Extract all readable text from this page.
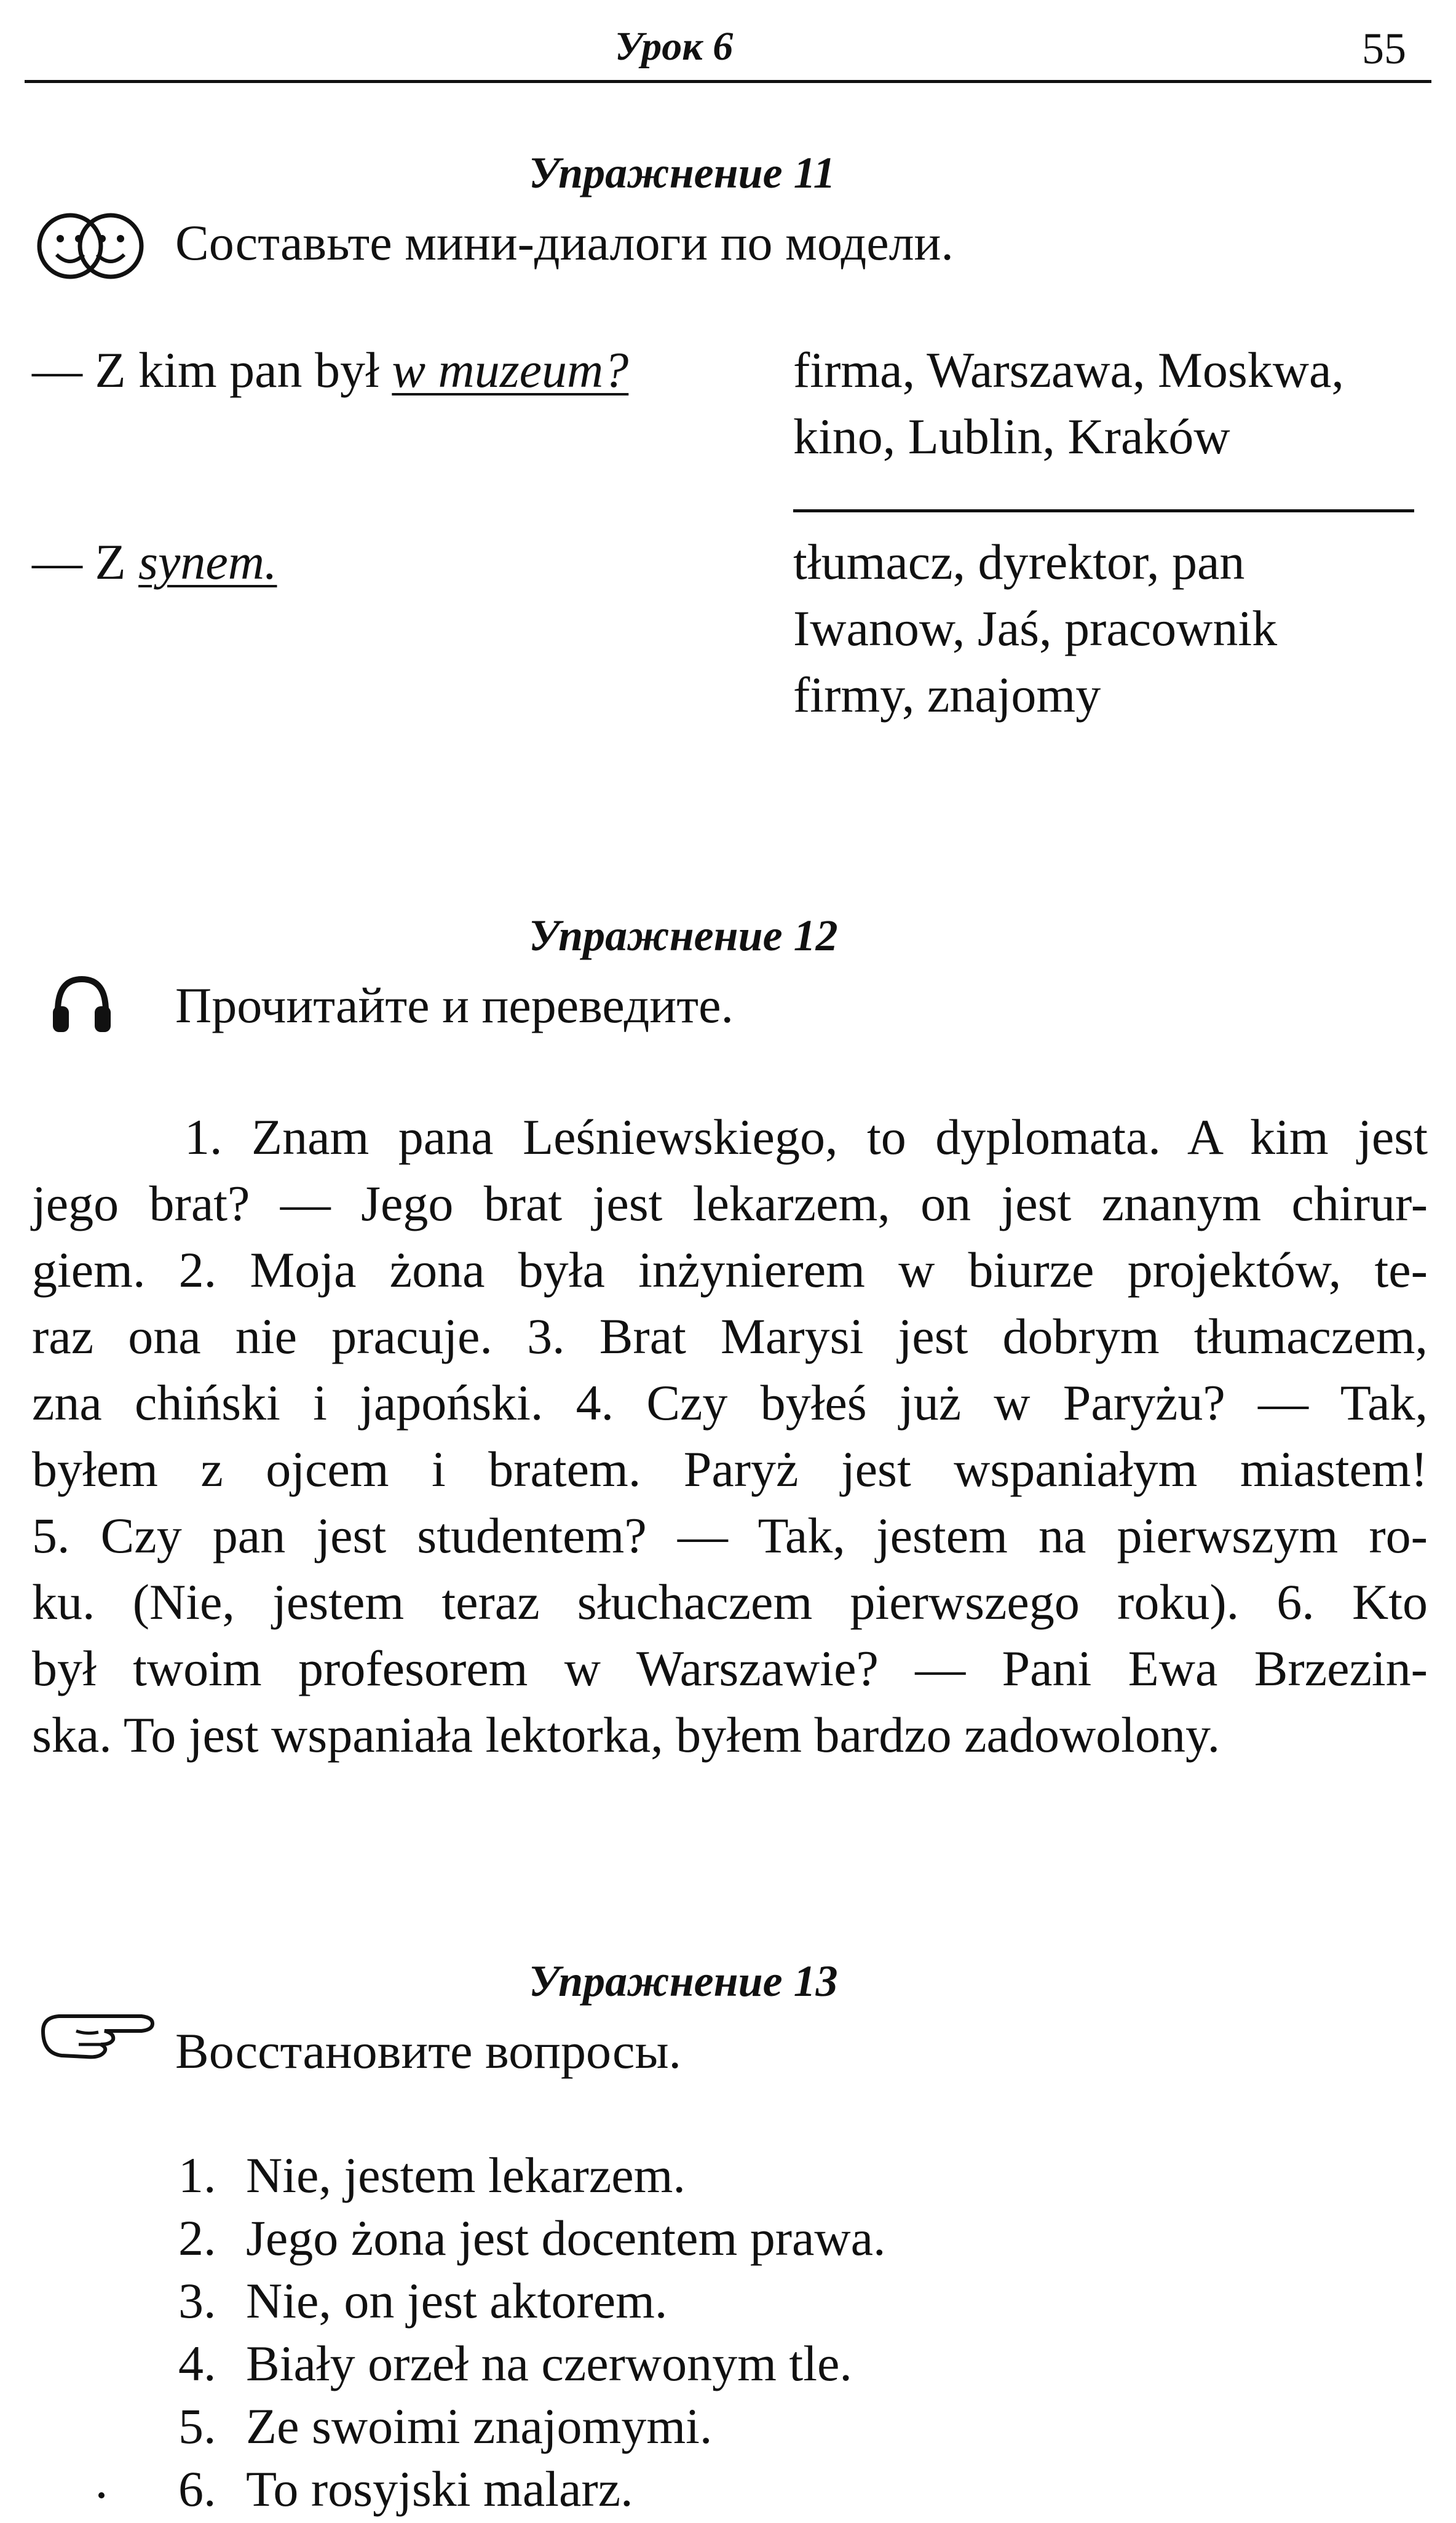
Урок 6	55
Упражнение 11
Составьте мини-диалоги по модели.
— Z kim pan był w muzeum?	firma, Warszawa, Moskwa,
kino, Lublin, Kraków
— Z synem.	tłumacz, dyrektor, pan
Iwanow, Jaś, pracownik
firmy, znajomy
Упражнение 12
Прочитайте и переведите.
1. Znam pana Leśniewskiego, to dyplomata. A kim jest
jego brat? — Jego brat jest lekarzem, on jest znanym chirur-
giem. 2. Moja żona była inżynierem w biurze projektów, te-
raz ona nie pracuje. 3. Brat Marysi jest dobrym tłumaczem,
zna chiński i japoński. 4. Czy byłeś już w Paryżu? — Tak,
byłem z ojcem i bratem. Paryż jest wspaniałym miastem!
5. Czy pan jest studentem? — Tak, jestem na pierwszym ro-
ku. (Nie, jestem teraz słuchaczem pierwszego roku). 6. Kto
był twoim profesorem w Warszawie? — Pani Ewa Brzezin-
ska. To jest wspaniała lektorka, byłem bardzo zadowolony.
Упражнение 13
Восстановите вопросы.
1. Nie, jestem lekarzem.
2. Jego żona jest docentem prawa.
3. Nie, on jest aktorem.
4. Biały orzeł na czerwonym tle.
5. Ze swoimi znajomymi.
6. To rosyjski malarz.
